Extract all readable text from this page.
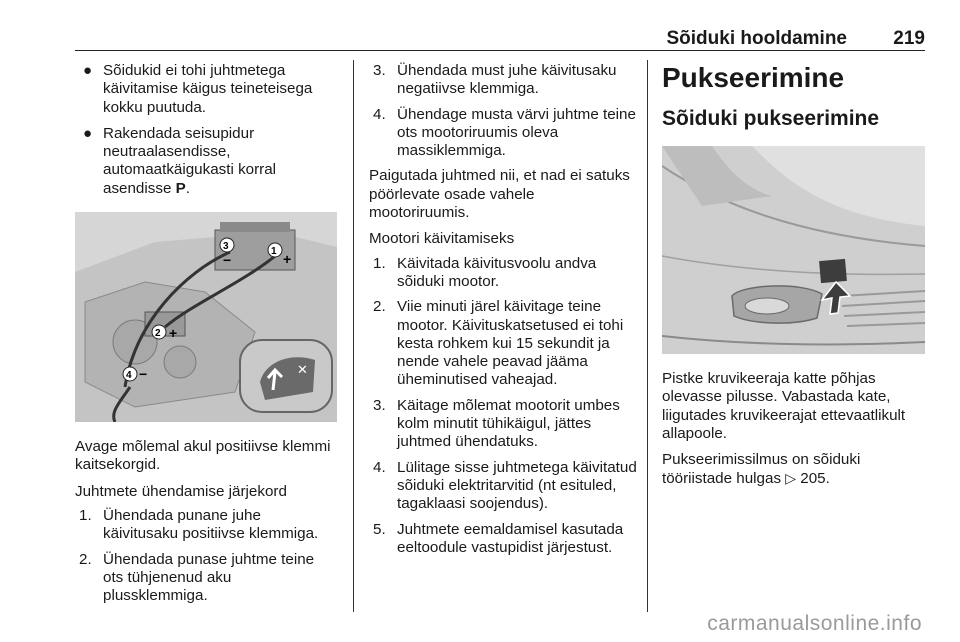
Sõiduki hooldamine 219
● Sõidukid ei tohi juhtmetega käivitamise käigus teineteisega kokku puutuda.
● Rakendada seisupidur neutraalasendisse, automaatkäigukasti korral asendisse P.
1
3
+
−
2 +
4 −	✕

Avage mõlemal akul positiivse klemmi kaitsekorgid.

Juhtmete ühendamise järjekord

1. Ühendada punane juhe käivitusaku positiivse klemmiga.
2. Ühendada punase juhtme teine ots tühjenenud aku plussklemmiga.
3. Ühendada must juhe käivitusaku negatiivse klemmiga.
4. Ühendage musta värvi juhtme teine ots mootoriruumis oleva massiklemmiga.

Paigutada juhtmed nii, et nad ei satuks pöörlevate osade vahele mootoriruumis.

Mootori käivitamiseks

1. Käivitada käivitusvoolu andva sõiduki mootor.
2. Viie minuti järel käivitage teine mootor. Käivituskatsetused ei tohi kesta rohkem kui 15 sekundit ja nende vahele peavad jääma üheminutised vaheajad.
3. Käitage mõlemat mootorit umbes kolm minutit tühikäigul, jättes juhtmed ühendatuks.
4. Lülitage sisse juhtmetega käivitatud sõiduki elektritarvitid (nt esituled, tagaklaasi soojendus).
5. Juhtmete eemaldamisel kasutada eeltoodule vastupidist järjestust.
Pukseerimine
Sõiduki pukseerimine

Pistke kruvikeeraja katte põhjas olevasse pilusse. Vabastada kate, liigutades kruvikeerajat ettevaatlikult allapoole.

Pukseerimissilmus on sõiduki tööriistade hulgas ▷ 205.

carmanualsonline.info
